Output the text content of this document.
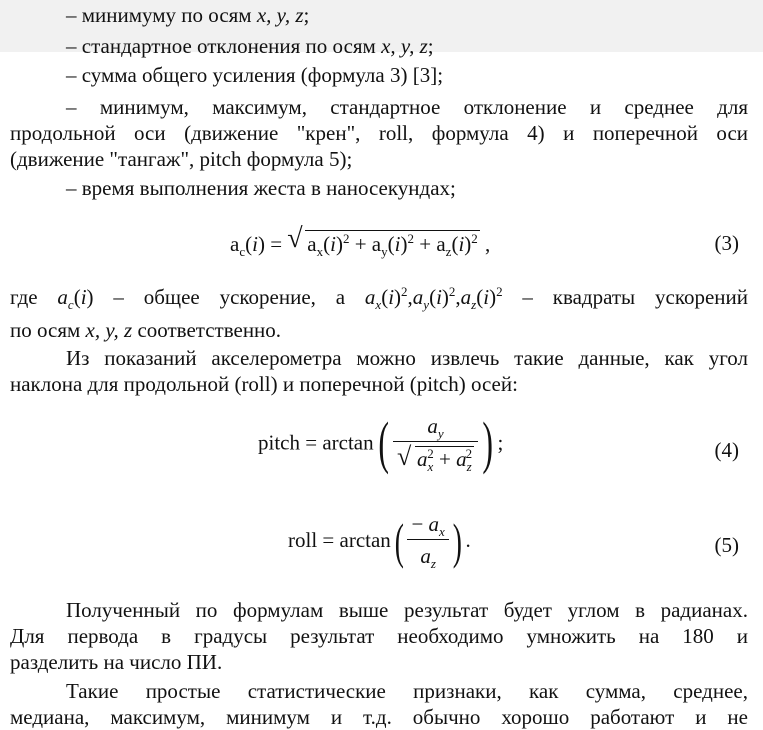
– минимуму по осям x, y, z;
– стандартное отклонения по осям x, y, z;
– сумма общего усиления (формула 3) [3];
– минимум, максимум, стандартное отклонение и среднее для
продольной оси (движение "крен", roll, формула 4) и поперечной оси
(движение "тангаж", pitch формула 5);
– время выполнения жеста в наносекундах;
$a_c(i)$ = √ $a_x(i)^2 + a_y(i)^2 + a_z(i)^2$ ,	(3)
где $a_c(i)$ – общее ускорение, а $a_x(i)^2,a_y(i)^2,a_z(i)^2$ – квадраты ускорений
по осям x, y, z соответственно.
Из показаний акселерометра можно извлечь такие данные, как угол
наклона для продольной (roll) и поперечной (pitch) осей:
pitch = $\arctan( \frac{a_y}{√ a_x^2 + a_z^2}$ ) ;	(4)
roll = $\arctan( \frac{- a_x}{a_z}$ ) .	(5)
Полученный по формулам выше результат будет углом в радианах.
Для первода в градусы результат необходимо умножить на 180 и
разделить на число ПИ.
Такие простые статистические признаки, как сумма, среднее,
медиана, максимум, минимум и т.д. обычно хорошо работают и не
